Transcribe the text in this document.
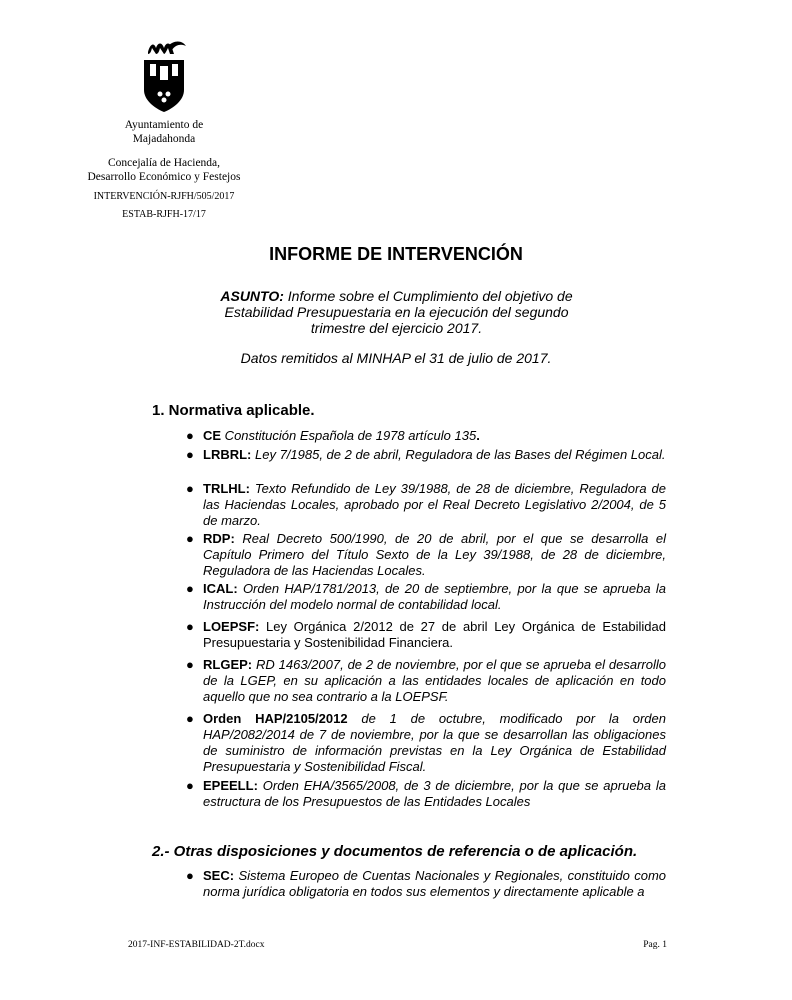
Ayuntamiento de
Majadahonda
Concejalía de Hacienda,
Desarrollo Económico y Festejos
INTERVENCIÓN-RJFH/505/2017
ESTAB-RJFH-17/17
INFORME DE INTERVENCIÓN
ASUNTO: Informe sobre el Cumplimiento del objetivo de
Estabilidad Presupuestaria en la ejecución del segundo
trimestre del ejercicio 2017.
Datos remitidos al MINHAP el 31 de julio de 2017.
1. Normativa aplicable.
● CE Constitución Española de 1978 artículo 135.
● LRBRL: Ley 7/1985, de 2 de abril, Reguladora de las Bases del Régimen Local.
● TRLHL: Texto Refundido de Ley 39/1988, de 28 de diciembre, Reguladora de las Haciendas Locales, aprobado por el Real Decreto Legislativo 2/2004, de 5 de marzo.
● RDP: Real Decreto 500/1990, de 20 de abril, por el que se desarrolla el Capítulo Primero del Título Sexto de la Ley 39/1988, de 28 de diciembre, Reguladora de las Haciendas Locales.
● ICAL: Orden HAP/1781/2013, de 20 de septiembre, por la que se aprueba la Instrucción del modelo normal de contabilidad local.
● LOEPSF: Ley Orgánica 2/2012 de 27 de abril Ley Orgánica de Estabilidad Presupuestaria y Sostenibilidad Financiera.
● RLGEP: RD 1463/2007, de 2 de noviembre, por el que se aprueba el desarrollo de la LGEP, en su aplicación a las entidades locales de aplicación en todo aquello que no sea contrario a la LOEPSF.
● Orden HAP/2105/2012 de 1 de octubre, modificado por la orden HAP/2082/2014 de 7 de noviembre, por la que se desarrollan las obligaciones de suministro de información previstas en la Ley Orgánica de Estabilidad Presupuestaria y Sostenibilidad Fiscal.
● EPEELL: Orden EHA/3565/2008, de 3 de diciembre, por la que se aprueba la estructura de los Presupuestos de las Entidades Locales
2.- Otras disposiciones y documentos de referencia o de aplicación.
● SEC: Sistema Europeo de Cuentas Nacionales y Regionales, constituido como norma jurídica obligatoria en todos sus elementos y directamente aplicable a
2017-INF-ESTABILIDAD-2T.docx	Pag. 1
